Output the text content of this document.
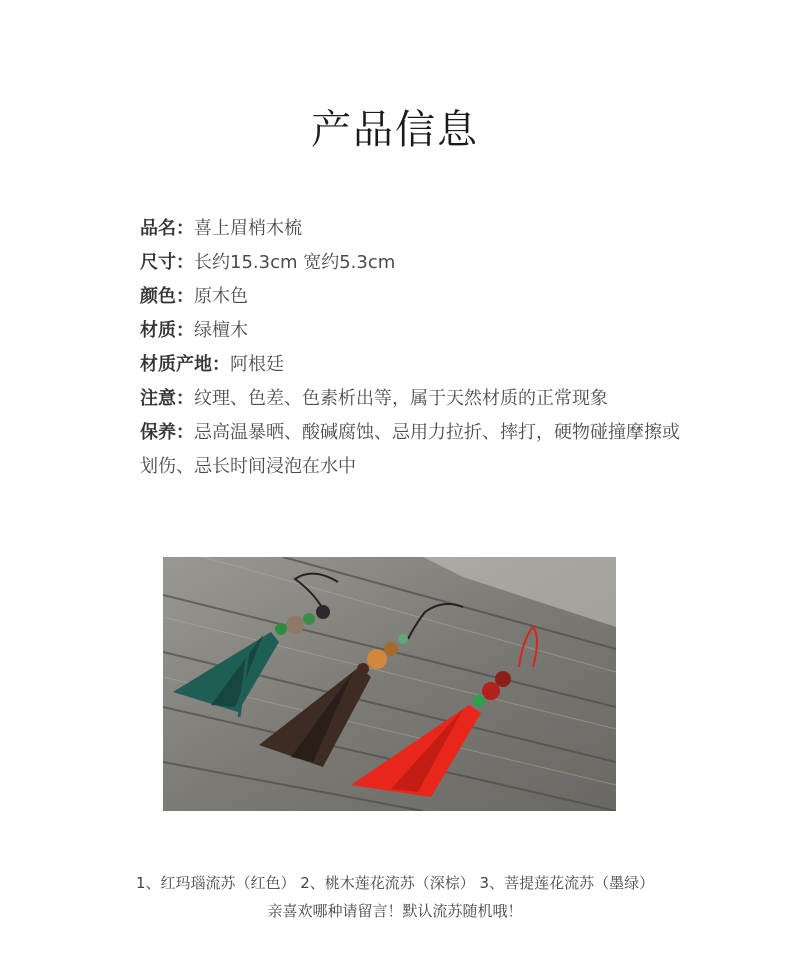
产品信息
品名：喜上眉梢木梳
尺寸：长约15.3cm 宽约5.3cm
颜色：原木色
材质：绿檀木
材质产地：阿根廷
注意：纹理、色差、色素析出等，属于天然材质的正常现象
保养：忌高温暴晒、酸碱腐蚀、忌用力拉折、摔打，硬物碰撞摩擦或划伤、忌长时间浸泡在水中
1、红玛瑙流苏（红色） 2、桃木莲花流苏（深棕） 3、菩提莲花流苏（墨绿）
亲喜欢哪种请留言！默认流苏随机哦！
